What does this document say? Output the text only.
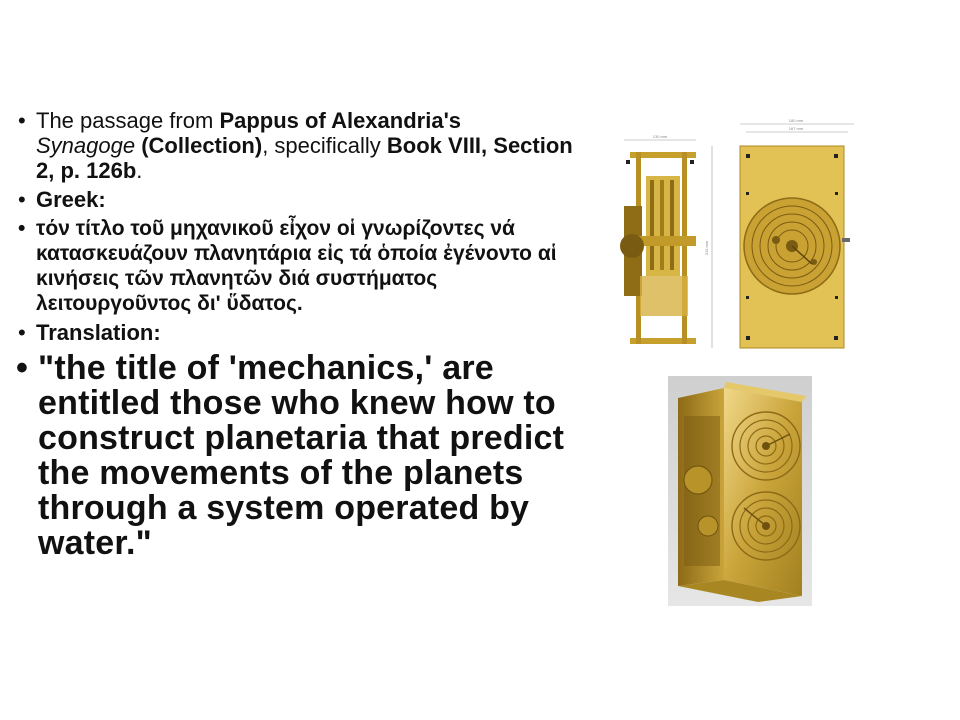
• The passage from Pappus of Alexandria's
Synagoge (Collection), specifically Book VIII, Section 2, p. 126b.
• Greek:
• τόν τίτλο τοῦ μηχανικοῦ εἶχον οἱ γνωρίζοντες νά κατασκευάζουν πλανητάρια εἰς τά ὁποία ἐγένοντο αἱ κινήσεις τῶν πλανητῶν διά συστήματος λειτουργοῦντος δι' ὕδατος.
• Translation:
• "the title of 'mechanics,' are entitled those who knew how to construct planetaria that predict the movements of the planets through a system operated by water."
180 mm
167 mm
130 mm
315 mm
